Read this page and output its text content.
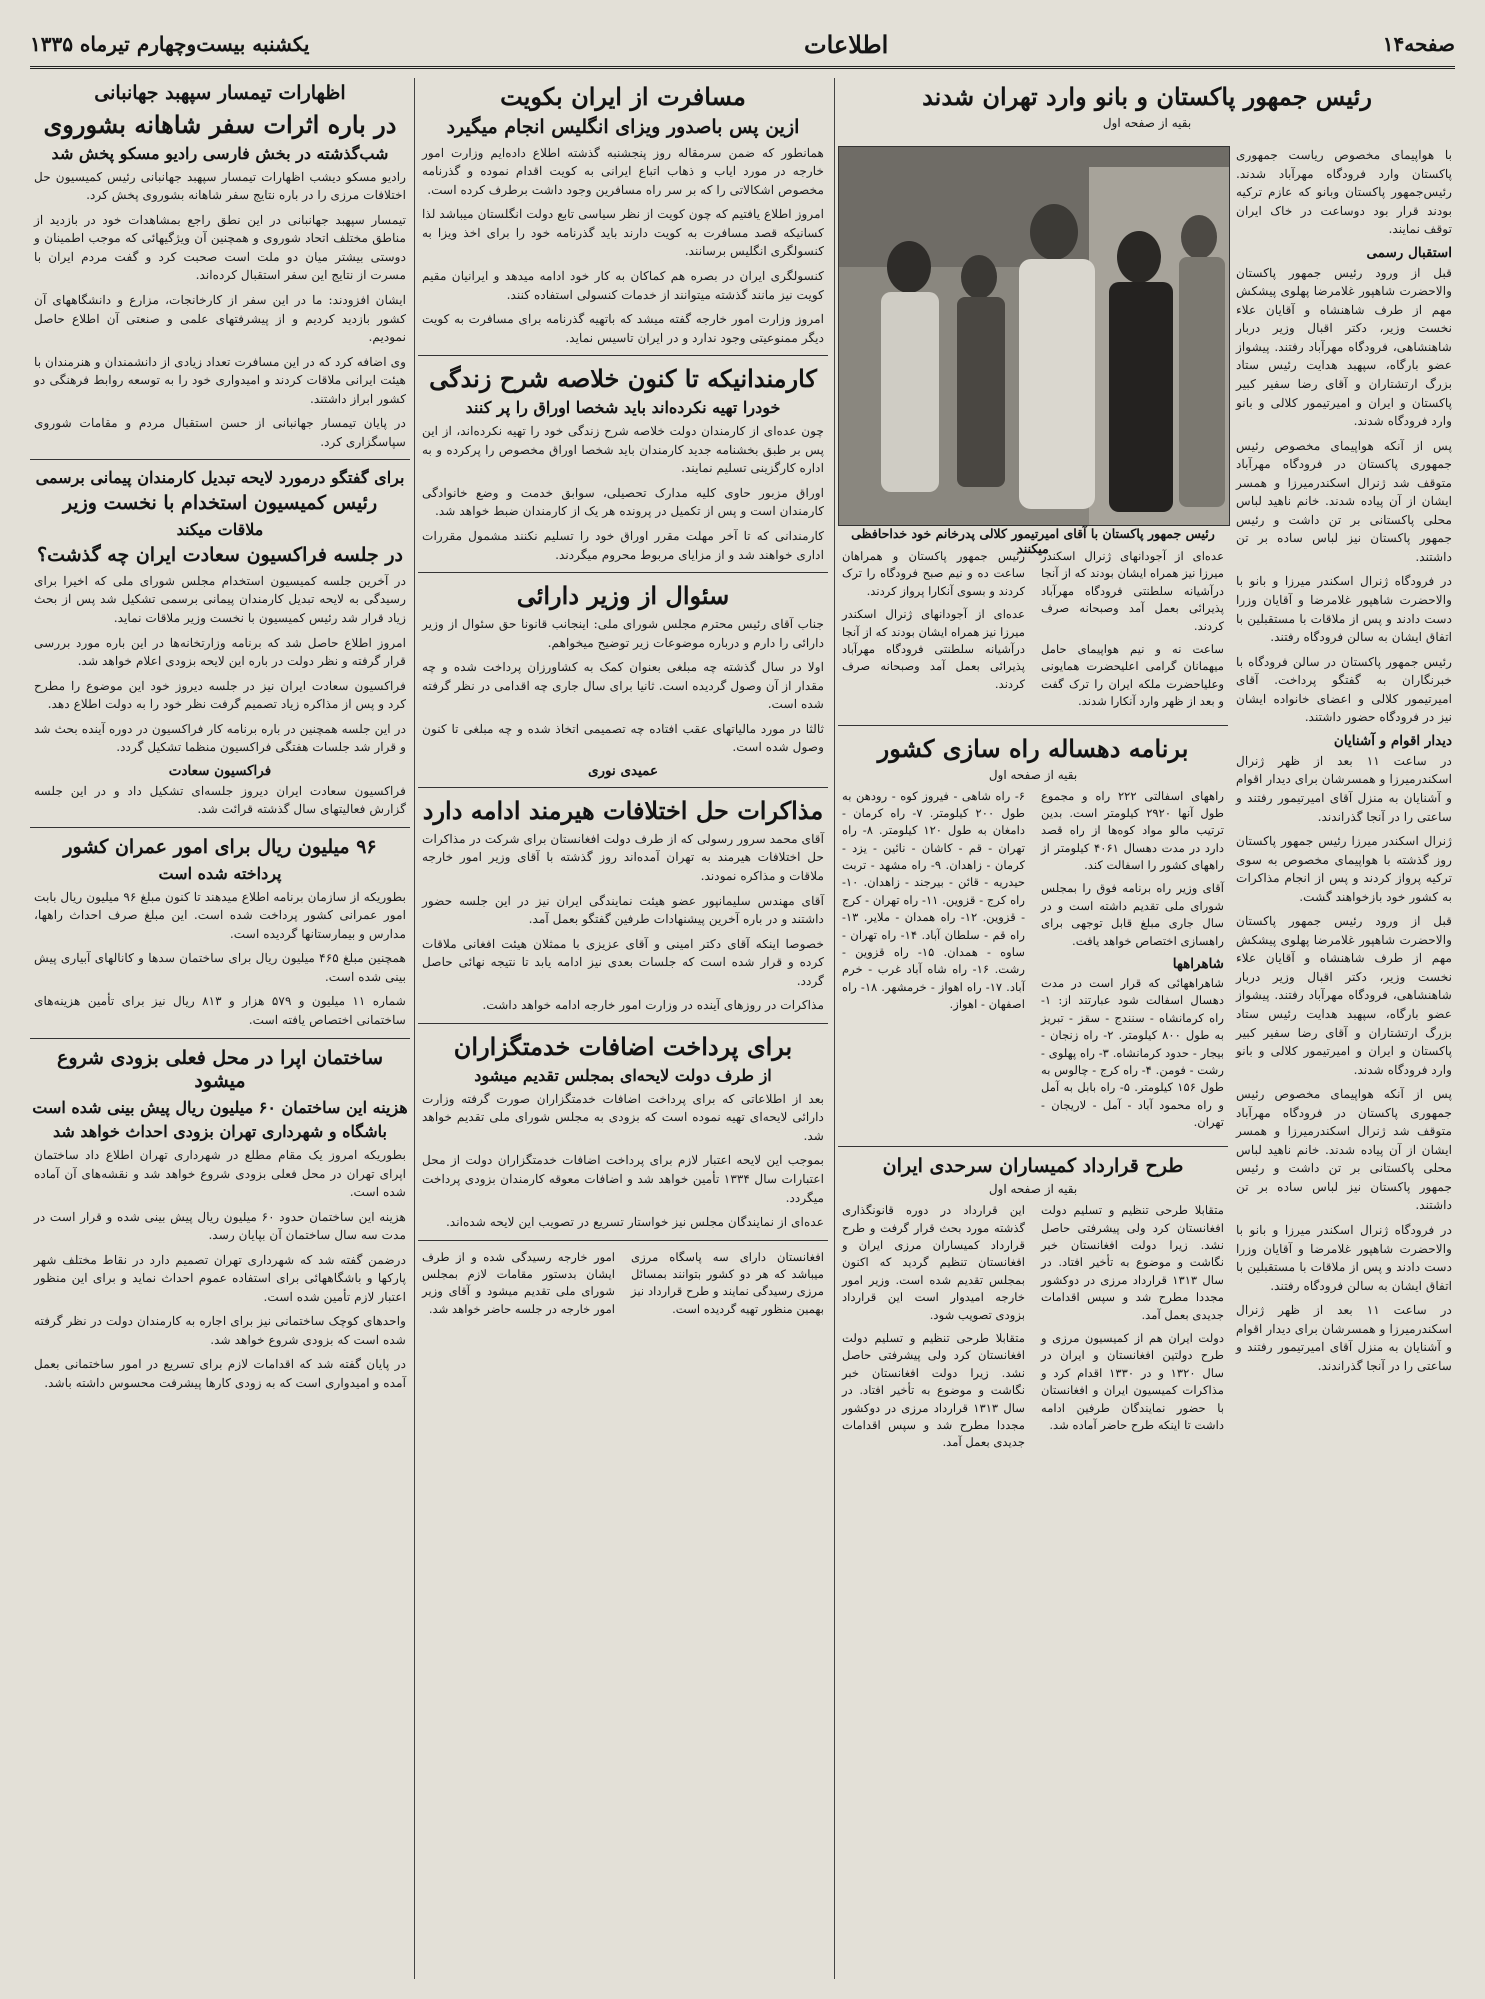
صفحه۱۴
اطلاعات
یکشنبه بیست‌وچهارم تیرماه ۱۳۳۵
رئیس جمهور پاکستان و بانو وارد تهران شدند
بقیه از صفحه اول
رئیس جمهور پاکستان با آقای امیرتیمور کلالی پدرخانم خود خداحافظی میکنند

با هواپیمای مخصوص ریاست جمهوری پاکستان وارد فرودگاه مهرآباد شدند. رئیس‌جمهور پاکستان وبانو که عازم ترکیه بودند قرار بود دوساعت در خاک ایران توقف نمایند.

استقبال رسمی

قبل از ورود رئیس جمهور پاکستان والاحضرت شاهپور غلامرضا پهلوی پیشکش مهم از طرف شاهنشاه و آقایان علاء نخست وزیر، دکتر اقبال وزیر دربار شاهنشاهی، فرودگاه مهرآباد رفتند. پیشواز عضو بارگاه، سپهبد هدایت رئیس ستاد بزرگ ارتشتاران و آقای رضا سفیر کبیر پاکستان و ایران و امیرتیمور کلالی و بانو وارد فرودگاه شدند.

پس از آنکه هواپیمای مخصوص رئیس جمهوری پاکستان در فرودگاه مهرآباد متوقف شد ژنرال اسکندرمیرزا و همسر ایشان از آن پیاده شدند. خانم ناهید لباس محلی پاکستانی بر تن داشت و رئیس جمهور پاکستان نیز لباس ساده بر تن داشتند.

در فرودگاه ژنرال اسکندر میرزا و بانو با والاحضرت شاهپور غلامرضا و آقایان وزرا دست دادند و پس از ملاقات با مستقبلین با اتفاق ایشان به سالن فرودگاه رفتند.

رئیس جمهور پاکستان در سالن فرودگاه با خبرنگاران به گفتگو پرداخت. آقای امیرتیمور کلالی و اعضای خانواده ایشان نیز در فرودگاه حضور داشتند.

دیدار اقوام و آشنایان

در ساعت ۱۱ بعد از ظهر ژنرال اسکندرمیرزا و همسرشان برای دیدار اقوام و آشنایان به منزل آقای امیرتیمور رفتند و ساعتی را در آنجا گذراندند.

ژنرال اسکندر میرزا رئیس جمهور پاکستان روز گذشته با هواپیمای مخصوص به سوی ترکیه پرواز کردند و پس از انجام مذاکرات به کشور خود بازخواهند گشت.

قبل از ورود رئیس جمهور پاکستان والاحضرت شاهپور غلامرضا پهلوی پیشکش مهم از طرف شاهنشاه و آقایان علاء نخست وزیر، دکتر اقبال وزیر دربار شاهنشاهی، فرودگاه مهرآباد رفتند. پیشواز عضو بارگاه، سپهبد هدایت رئیس ستاد بزرگ ارتشتاران و آقای رضا سفیر کبیر پاکستان و ایران و امیرتیمور کلالی و بانو وارد فرودگاه شدند.

پس از آنکه هواپیمای مخصوص رئیس جمهوری پاکستان در فرودگاه مهرآباد متوقف شد ژنرال اسکندرمیرزا و همسر ایشان از آن پیاده شدند. خانم ناهید لباس محلی پاکستانی بر تن داشت و رئیس جمهور پاکستان نیز لباس ساده بر تن داشتند.

در فرودگاه ژنرال اسکندر میرزا و بانو با والاحضرت شاهپور غلامرضا و آقایان وزرا دست دادند و پس از ملاقات با مستقبلین با اتفاق ایشان به سالن فرودگاه رفتند.

در ساعت ۱۱ بعد از ظهر ژنرال اسکندرمیرزا و همسرشان برای دیدار اقوام و آشنایان به منزل آقای امیرتیمور رفتند و ساعتی را در آنجا گذراندند.

عده‌ای از آجودانهای ژنرال اسکندر میرزا نیز همراه ایشان بودند که از آنجا درآشیانه سلطنتی فرودگاه مهرآباد پذیرائی بعمل آمد وصبحانه صرف کردند.

ساعت نه و نیم هواپیمای حامل میهمانان گرامی اعلیحضرت همایونی وعلیاحضرت ملکه ایران را ترک گفت و بعد از ظهر وارد آنکارا شدند.

رئیس جمهور پاکستان و همراهان ساعت ده و نیم صبح فرودگاه را ترک کردند و بسوی آنکارا پرواز کردند.

عده‌ای از آجودانهای ژنرال اسکندر میرزا نیز همراه ایشان بودند که از آنجا درآشیانه سلطنتی فرودگاه مهرآباد پذیرائی بعمل آمد وصبحانه صرف کردند.

برنامه دهساله راه سازی کشور
بقیه از صفحه اول

راههای اسفالتی ۲۲۲ راه و مجموع طول آنها ۲۹۲۰ کیلومتر است. بدین ترتیب مالو مواد کوه‌ها از راه قصد دارد در مدت دهسال ۴۰۶۱ کیلومتر از راههای کشور را اسفالت کند.

آقای وزیر راه برنامه فوق را بمجلس شورای ملی تقدیم داشته است و در سال جاری مبلغ قابل توجهی برای راهسازی اختصاص خواهد یافت.

شاهراهها

شاهراههائی که قرار است در مدت دهسال اسفالت شود عبارتند از: ۱- راه کرمانشاه - سنندج - سقز - تبریز به طول ۸۰۰ کیلومتر. ۲- راه زنجان - بیجار - حدود کرمانشاه. ۳- راه پهلوی - رشت - فومن. ۴- راه کرج - چالوس به طول ۱۵۶ کیلومتر. ۵- راه بابل به آمل و راه محمود آباد - آمل - لاریجان - تهران.

۶- راه شاهی - فیروز کوه - رودهن به طول ۲۰۰ کیلومتر. ۷- راه کرمان - دامغان به طول ۱۲۰ کیلومتر. ۸- راه تهران - قم - کاشان - نائین - یزد - کرمان - زاهدان. ۹- راه مشهد - تربت حیدریه - قائن - بیرجند - زاهدان. ۱۰- راه کرج - قزوین. ۱۱- راه تهران - کرج - قزوین. ۱۲- راه همدان - ملایر. ۱۳- راه قم - سلطان آباد. ۱۴- راه تهران - ساوه - همدان. ۱۵- راه قزوین - رشت. ۱۶- راه شاه آباد غرب - خرم آباد. ۱۷- راه اهواز - خرمشهر. ۱۸- راه اصفهان - اهواز.

طرح قرارداد کمیساران سرحدی ایران
بقیه از صفحه اول

متقابلا طرحی تنظیم و تسلیم دولت افغانستان کرد ولی پیشرفتی حاصل نشد. زیرا دولت افغانستان خبر نگاشت و موضوع به تأخیر افتاد. در سال ۱۳۱۳ قرارداد مرزی در دوکشور مجددا مطرح شد و سپس اقدامات جدیدی بعمل آمد.

دولت ایران هم از کمیسیون مرزی و طرح دولتین افغانستان و ایران در سال ۱۳۲۰ و در ۱۳۳۰ اقدام کرد و مذاکرات کمیسیون ایران و افغانستان با حضور نمایندگان طرفین ادامه داشت تا اینکه طرح حاضر آماده شد.

این قرارداد در دوره قانونگذاری گذشته مورد بحث قرار گرفت و طرح قرارداد کمیساران مرزی ایران و افغانستان تنظیم گردید که اکنون بمجلس تقدیم شده است. وزیر امور خارجه امیدوار است این قرارداد بزودی تصویب شود.

متقابلا طرحی تنظیم و تسلیم دولت افغانستان کرد ولی پیشرفتی حاصل نشد. زیرا دولت افغانستان خبر نگاشت و موضوع به تأخیر افتاد. در سال ۱۳۱۳ قرارداد مرزی در دوکشور مجددا مطرح شد و سپس اقدامات جدیدی بعمل آمد.

مسافرت از ایران بکویت
ازین پس باصدور ویزای انگلیس انجام میگیرد

همانطور که ضمن سرمقاله روز پنجشنبه گذشته اطلاع داده‌ایم وزارت امور خارجه در مورد ایاب و ذهاب اتباع ایرانی به کویت اقدام نموده و گذرنامه مخصوص اشکالاتی را که بر سر راه مسافرین وجود داشت برطرف کرده است.

امروز اطلاع یافتیم که چون کویت از نظر سیاسی تابع دولت انگلستان میباشد لذا کسانیکه قصد مسافرت به کویت دارند باید گذرنامه خود را برای اخذ ویزا به کنسولگری انگلیس برسانند.

کنسولگری ایران در بصره هم کماکان به کار خود ادامه میدهد و ایرانیان مقیم کویت نیز مانند گذشته میتوانند از خدمات کنسولی استفاده کنند.

امروز وزارت امور خارجه گفته میشد که باتهیه گذرنامه برای مسافرت به کویت دیگر ممنوعیتی وجود ندارد و در ایران تاسیس نماید.

کارمندانیکه تا کنون خلاصه شرح زندگی
خودرا تهیه نکرده‌اند باید شخصا اوراق را پر کنند

چون عده‌ای از کارمندان دولت خلاصه شرح زندگی خود را تهیه نکرده‌اند، از این پس بر طبق بخشنامه جدید کارمندان باید شخصا اوراق مخصوص را پرکرده و به اداره کارگزینی تسلیم نمایند.

اوراق مزبور حاوی کلیه مدارک تحصیلی، سوابق خدمت و وضع خانوادگی کارمندان است و پس از تکمیل در پرونده هر یک از کارمندان ضبط خواهد شد.

کارمندانی که تا آخر مهلت مقرر اوراق خود را تسلیم نکنند مشمول مقررات اداری خواهند شد و از مزایای مربوط محروم میگردند.

سئوال از وزیر دارائی

جناب آقای رئیس محترم مجلس شورای ملی: اینجانب قانونا حق سئوال از وزیر دارائی را دارم و درباره موضوعات زیر توضیح میخواهم.

اولا در سال گذشته چه مبلغی بعنوان کمک به کشاورزان پرداخت شده و چه مقدار از آن وصول گردیده است. ثانیا برای سال جاری چه اقدامی در نظر گرفته شده است.

ثالثا در مورد مالیاتهای عقب افتاده چه تصمیمی اتخاذ شده و چه مبلغی تا کنون وصول شده است.

عمیدی نوری
مذاکرات حل اختلافات هیرمند ادامه دارد

آقای محمد سرور رسولی که از طرف دولت افغانستان برای شرکت در مذاکرات حل اختلافات هیرمند به تهران آمده‌اند روز گذشته با آقای وزیر امور خارجه ملاقات و مذاکره نمودند.

آقای مهندس سلیمانپور عضو هیئت نمایندگی ایران نیز در این جلسه حضور داشتند و در باره آخرین پیشنهادات طرفین گفتگو بعمل آمد.

خصوصا اینکه آقای دکتر امینی و آقای عزیزی با ممثلان هیئت افغانی ملاقات کرده و قرار شده است که جلسات بعدی نیز ادامه یابد تا نتیجه نهائی حاصل گردد.

مذاکرات در روزهای آینده در وزارت امور خارجه ادامه خواهد داشت.

برای پرداخت اضافات خدمتگزاران
از طرف دولت لایحه‌ای بمجلس تقدیم میشود

بعد از اطلاعاتی که برای پرداخت اضافات خدمتگزاران صورت گرفته وزارت دارائی لایحه‌ای تهیه نموده است که بزودی به مجلس شورای ملی تقدیم خواهد شد.

بموجب این لایحه اعتبار لازم برای پرداخت اضافات خدمتگزاران دولت از محل اعتبارات سال ۱۳۳۴ تأمین خواهد شد و اضافات معوقه کارمندان بزودی پرداخت میگردد.

عده‌ای از نمایندگان مجلس نیز خواستار تسریع در تصویب این لایحه شده‌اند.

افغانستان دارای سه پاسگاه مرزی میباشد که هر دو کشور بتوانند بمسائل مرزی رسیدگی نمایند و طرح قرارداد نیز بهمین منظور تهیه گردیده است.

امور خارجه رسیدگی شده و از طرف ایشان بدستور مقامات لازم بمجلس شورای ملی تقدیم میشود و آقای وزیر امور خارجه در جلسه حاضر خواهد شد.

اظهارات تیمسار سپهبد جهانبانی
در باره اثرات سفر شاهانه بشوروی
شب‌گذشته در بخش فارسی رادیو مسکو پخش شد

رادیو مسکو دیشب اظهارات تیمسار سپهبد جهانبانی رئیس کمیسیون حل اختلافات مرزی را در باره نتایج سفر شاهانه بشوروی پخش کرد.

تیمسار سپهبد جهانبانی در این نطق راجع بمشاهدات خود در بازدید از مناطق مختلف اتحاد شوروی و همچنین آن ویژگیهائی که موجب اطمینان و دوستی بیشتر میان دو ملت است صحبت کرد و گفت مردم ایران با مسرت از نتایج این سفر استقبال کرده‌اند.

ایشان افزودند: ما در این سفر از کارخانجات، مزارع و دانشگاههای آن کشور بازدید کردیم و از پیشرفتهای علمی و صنعتی آن اطلاع حاصل نمودیم.

وی اضافه کرد که در این مسافرت تعداد زیادی از دانشمندان و هنرمندان با هیئت ایرانی ملاقات کردند و امیدواری خود را به توسعه روابط فرهنگی دو کشور ابراز داشتند.

در پایان تیمسار جهانبانی از حسن استقبال مردم و مقامات شوروی سپاسگزاری کرد.

برای گفتگو درمورد لایحه تبدیل کارمندان پیمانی برسمی
رئیس کمیسیون استخدام با نخست وزیر
ملاقات میکند
در جلسه فراکسیون سعادت ایران چه گذشت؟

در آخرین جلسه کمیسیون استخدام مجلس شورای ملی که اخیرا برای رسیدگی به لایحه تبدیل کارمندان پیمانی برسمی تشکیل شد پس از بحث زیاد قرار شد رئیس کمیسیون با نخست وزیر ملاقات نماید.

امروز اطلاع حاصل شد که برنامه وزارتخانه‌ها در این باره مورد بررسی قرار گرفته و نظر دولت در باره این لایحه بزودی اعلام خواهد شد.

فراکسیون سعادت ایران نیز در جلسه دیروز خود این موضوع را مطرح کرد و پس از مذاکره زیاد تصمیم گرفت نظر خود را به دولت اطلاع دهد.

در این جلسه همچنین در باره برنامه کار فراکسیون در دوره آینده بحث شد و قرار شد جلسات هفتگی فراکسیون منظما تشکیل گردد.

فراکسیون سعادت

فراکسیون سعادت ایران دیروز جلسه‌ای تشکیل داد و در این جلسه گزارش فعالیتهای سال گذشته قرائت شد.

۹۶ میلیون ریال برای امور عمران کشور
پرداخته شده است

بطوریکه از سازمان برنامه اطلاع میدهند تا کنون مبلغ ۹۶ میلیون ریال بابت امور عمرانی کشور پرداخت شده است. این مبلغ صرف احداث راهها، مدارس و بیمارستانها گردیده است.

همچنین مبلغ ۴۶۵ میلیون ریال برای ساختمان سدها و کانالهای آبیاری پیش بینی شده است.

شماره ۱۱ میلیون و ۵۷۹ هزار و ۸۱۳ ریال نیز برای تأمین هزینه‌های ساختمانی اختصاص یافته است.

ساختمان اپرا در محل فعلی بزودی شروع میشود
هزینه این ساختمان ۶۰ میلیون ریال پیش بینی شده است
باشگاه و شهرداری تهران بزودی احداث خواهد شد

بطوریکه امروز یک مقام مطلع در شهرداری تهران اطلاع داد ساختمان اپرای تهران در محل فعلی بزودی شروع خواهد شد و نقشه‌های آن آماده شده است.

هزینه این ساختمان حدود ۶۰ میلیون ریال پیش بینی شده و قرار است در مدت سه سال ساختمان آن بپایان رسد.

درضمن گفته شد که شهرداری تهران تصمیم دارد در نقاط مختلف شهر پارکها و باشگاههائی برای استفاده عموم احداث نماید و برای این منظور اعتبار لازم تأمین شده است.

واحد‌های کوچک ساختمانی نیز برای اجاره به کارمندان دولت در نظر گرفته شده است که بزودی شروع خواهد شد.

در پایان گفته شد که اقدامات لازم برای تسریع در امور ساختمانی بعمل آمده و امیدواری است که به زودی کارها پیشرفت محسوس داشته باشد.
